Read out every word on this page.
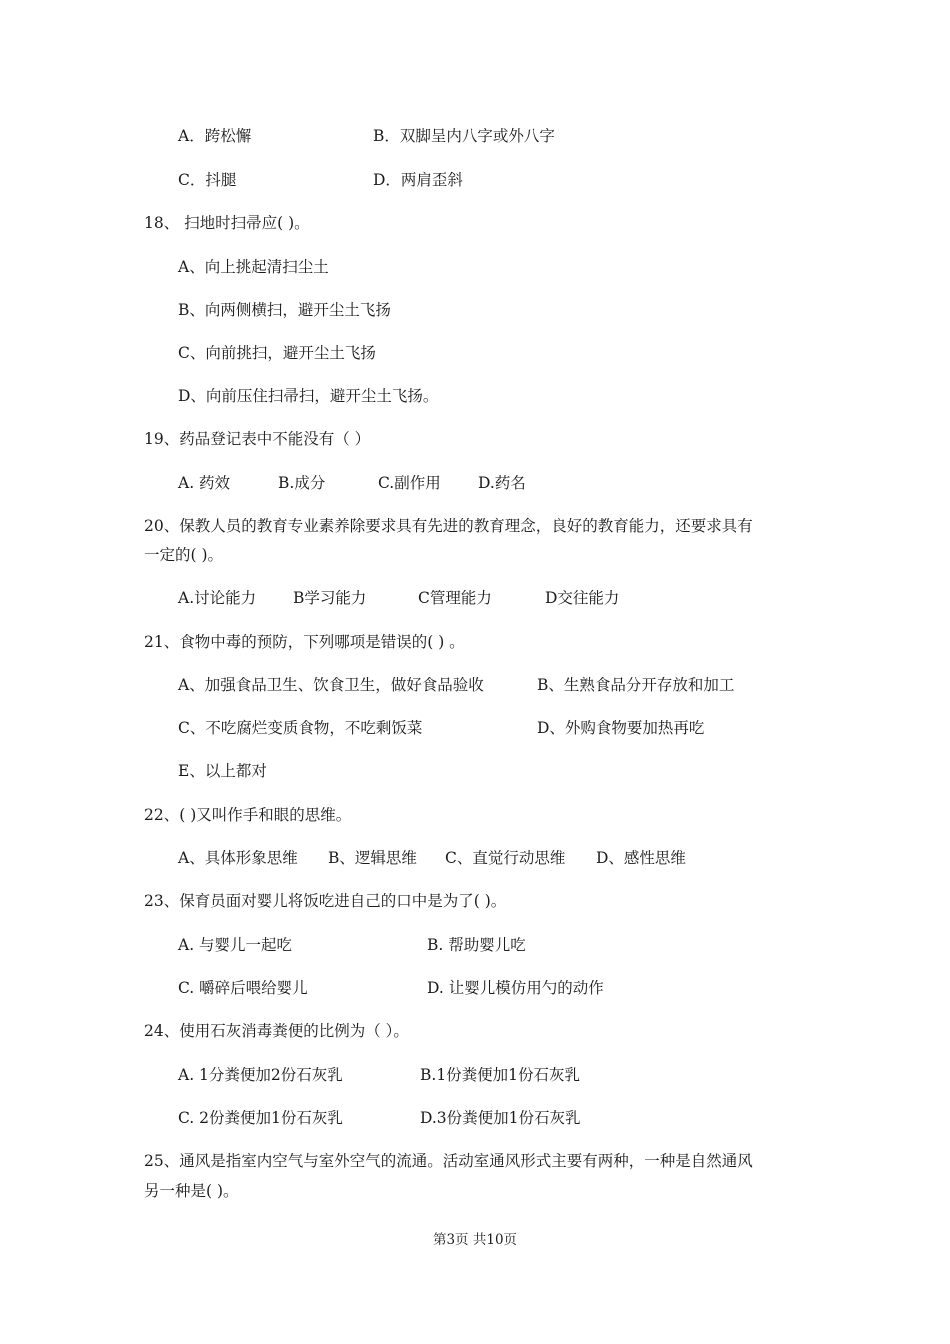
A．跨松懈	B．双脚呈内八字或外八字
C．抖腿	D．两肩歪斜
18、 扫地时扫帚应( )。
A、向上挑起清扫尘土
B、向两侧横扫，避开尘土飞扬
C、向前挑扫，避开尘土飞扬
D、向前压住扫帚扫，避开尘土飞扬。
19、药品登记表中不能没有（ ）
A. 药效	B.成分	C.副作用 D.药名
20、保教人员的教育专业素养除要求具有先进的教育理念，良好的教育能力，还要求具有
一定的( )。
A.讨论能力 B学习能力	C管理能力	D交往能力
21、食物中毒的预防，下列哪项是错误的( ) 。
A、加强食品卫生、饮食卫生，做好食品验收	B、生熟食品分开存放和加工
C、不吃腐烂变质食物，不吃剩饭菜	D、外购食物要加热再吃
E、以上都对
22、( )又叫作手和眼的思维。
A、具体形象思维 B、逻辑思维 C、直觉行动思维 D、感性思维
23、保育员面对婴儿将饭吃进自己的口中是为了( )。
A. 与婴儿一起吃	B. 帮助婴儿吃
C. 嚼碎后喂给婴儿	D. 让婴儿模仿用勺的动作
24、使用石灰消毒粪便的比例为（ ）。
A. 1分粪便加2份石灰乳	B.1份粪便加1份石灰乳
C. 2份粪便加1份石灰乳	D.3份粪便加1份石灰乳
25、通风是指室内空气与室外空气的流通。活动室通风形式主要有两种，一种是自然通风
另一种是( )。
第3页 共10页
